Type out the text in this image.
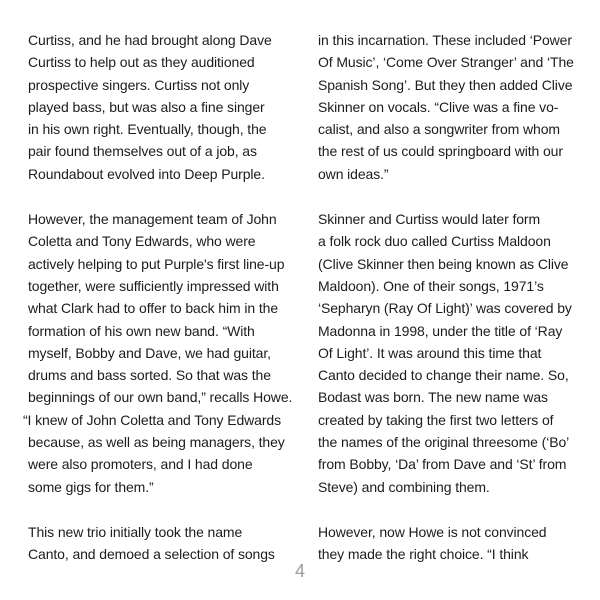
Curtiss, and he had brought along Dave
Curtiss to help out as they auditioned
prospective singers. Curtiss not only
played bass, but was also a fine singer
in his own right. Eventually, though, the
pair found themselves out of a job, as
Roundabout evolved into Deep Purple.

However, the management team of John
Coletta and Tony Edwards, who were
actively helping to put Purple's first line-up
together, were sufficiently impressed with
what Clark had to offer to back him in the
formation of his own new band. “With
myself, Bobby and Dave, we had guitar,
drums and bass sorted. So that was the
beginnings of our own band,” recalls Howe.
“I knew of John Coletta and Tony Edwards
because, as well as being managers, they
were also promoters, and I had done
some gigs for them.”

This new trio initially took the name
Canto, and demoed a selection of songs

in this incarnation. These included ‘Power
Of Music’, ‘Come Over Stranger’ and ‘The
Spanish Song’. But they then added Clive
Skinner on vocals. “Clive was a fine vo-
calist, and also a songwriter from whom
the rest of us could springboard with our
own ideas.”

Skinner and Curtiss would later form
a folk rock duo called Curtiss Maldoon
(Clive Skinner then being known as Clive
Maldoon). One of their songs, 1971’s
‘Sepharyn (Ray Of Light)’ was covered by
Madonna in 1998, under the title of ‘Ray
Of Light’. It was around this time that
Canto decided to change their name. So,
Bodast was born. The new name was
created by taking the first two letters of
the names of the original threesome (‘Bo’
from Bobby, ‘Da’ from Dave and ‘St’ from
Steve) and combining them.

However, now Howe is not convinced
they made the right choice. “I think

4
